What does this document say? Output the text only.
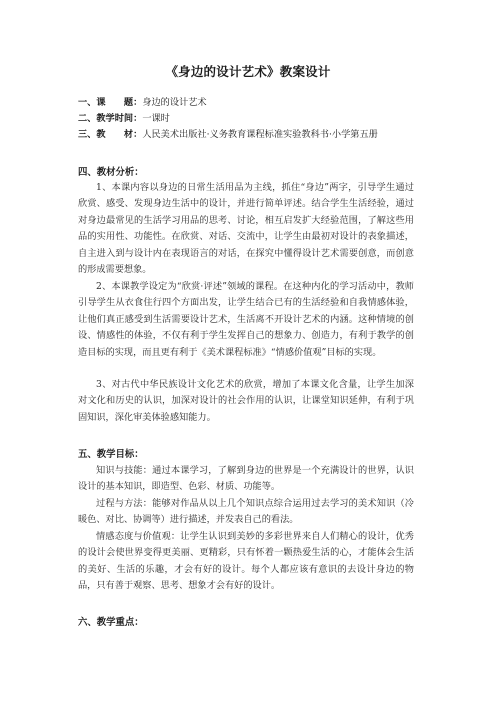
《身边的设计艺术》教案设计
一、课　　题：身边的设计艺术
二、教学时间：一课时
三、教　　材：人民美术出版社·义务教育课程标准实验教科书·小学第五册
四、教材分析：
1、本课内容以身边的日常生活用品为主线，抓住“身边”两字，引导学生通过欣赏、感受、发现身边生活中的设计，并进行简单评述。结合学生生活经验，通过对身边最常见的生活学习用品的思考、讨论，相互启发扩大经验范围，了解这些用品的实用性、功能性。在欣赏、对话、交流中，让学生由最初对设计的表象描述，自主进入到与设计内在表现语言的对话，在探究中懂得设计艺术需要创意，而创意的形成需要想象。
2、本课教学设定为“欣赏·评述”领域的课程。在这种内化的学习活动中，教师引导学生从衣食住行四个方面出发，让学生结合已有的生活经验和自我情感体验，让他们真正感受到生活需要设计艺术，生活离不开设计艺术的内涵。这种情境的创设、情感性的体验，不仅有利于学生发挥自己的想象力、创造力，有利于教学的创造目标的实现，而且更有利于《美术课程标准》“情感价值观”目标的实现。
3、对古代中华民族设计文化艺术的欣赏，增加了本课文化含量，让学生加深对文化和历史的认识，加深对设计的社会作用的认识，让课堂知识延伸，有利于巩固知识，深化审美体验感知能力。
五、教学目标：
知识与技能：通过本课学习，了解到身边的世界是一个充满设计的世界，认识设计的基本知识，即造型、色彩、材质、功能等。
过程与方法：能够对作品从以上几个知识点综合运用过去学习的美术知识（冷暖色、对比、协调等）进行描述，并发表自己的看法。
情感态度与价值观：让学生认识到美妙的多彩世界来自人们精心的设计，优秀的设计会使世界变得更美丽、更精彩，只有怀着一颗热爱生活的心，才能体会生活的美好、生活的乐趣，才会有好的设计。每个人都应该有意识的去设计身边的物品，只有善于观察、思考、想象才会有好的设计。
六、教学重点：
